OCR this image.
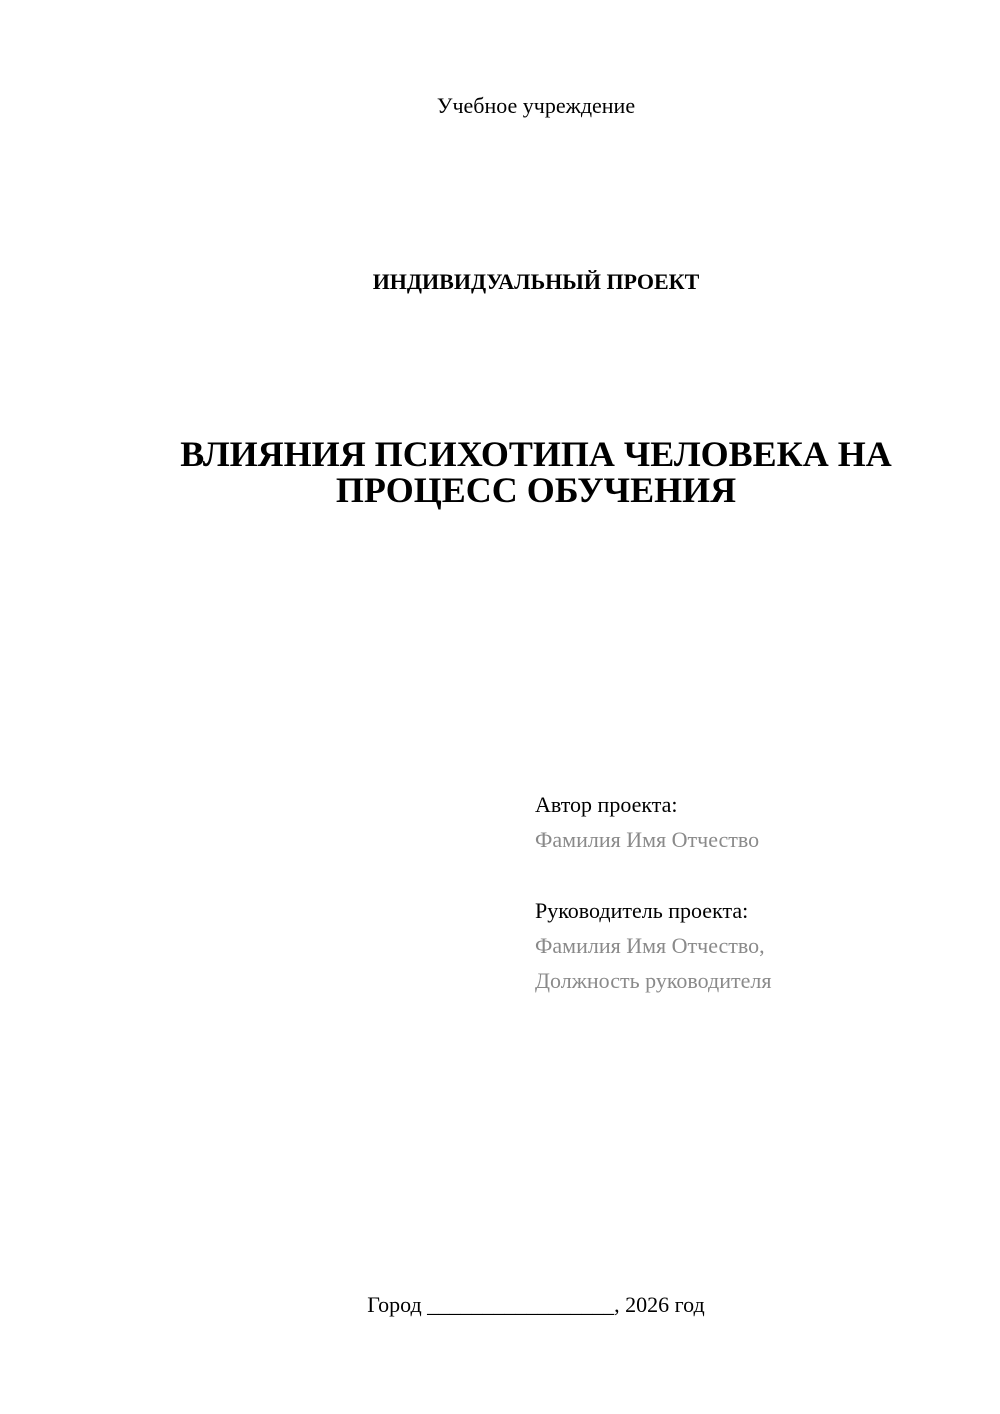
Учебное учреждение
ИНДИВИДУАЛЬНЫЙ ПРОЕКТ
ВЛИЯНИЯ ПСИХОТИПА ЧЕЛОВЕКА НА
ПРОЦЕСС ОБУЧЕНИЯ
Автор проекта:
Фамилия Имя Отчество
Руководитель проекта:
Фамилия Имя Отчество,
Должность руководителя
Город _________________, 2026 год
